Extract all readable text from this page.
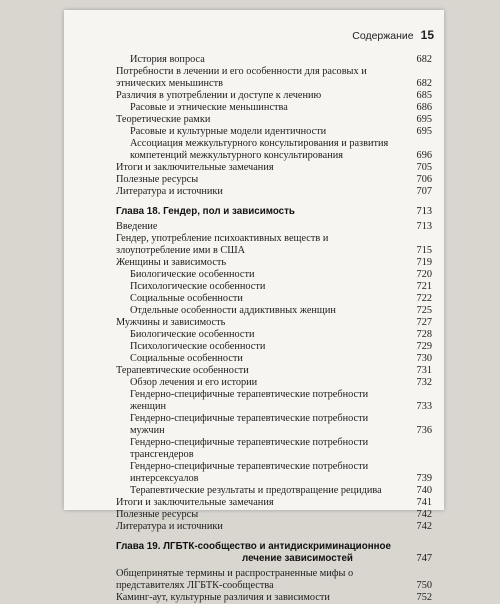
Содержание 15
История вопроса	682
Потребности в лечении и его особенности для расовых и этнических меньшинств	682
Различия в употреблении и доступе к лечению	685
Расовые и этнические меньшинства	686
Теоретические рамки	695
Расовые и культурные модели идентичности	695
Ассоциация межкультурного консультирования и развития компетенций межкультурного консультирования	696
Итоги и заключительные замечания	705
Полезные ресурсы	706
Литература и источники	707
Глава 18. Гендер, пол и зависимость	713
Введение	713
Гендер, употребление психоактивных веществ и злоупотребление ими в США	715
Женщины и зависимость	719
Биологические особенности	720
Психологические особенности	721
Социальные особенности	722
Отдельные особенности аддиктивных женщин	725
Мужчины и зависимость	727
Биологические особенности	728
Психологические особенности	729
Социальные особенности	730
Терапевтические особенности	731
Обзор лечения и его истории	732
Гендерно-специфичные терапевтические потребности женщин	733
Гендерно-специфичные терапевтические потребности мужчин	736
Гендерно-специфичные терапевтические потребности трансгендеров
Гендерно-специфичные терапевтические потребности интерсексуалов	739
Терапевтические результаты и предотвращение рецидива	740
Итоги и заключительные замечания	741
Полезные ресурсы	742
Литература и источники	742
Глава 19. ЛГБТК-сообщество и антидискриминационное
лечение зависимостей	747
Общепринятые термины и распространенные мифы о представителях ЛГБТК-сообщества	750
Каминг-аут, культурные различия и зависимости	752
